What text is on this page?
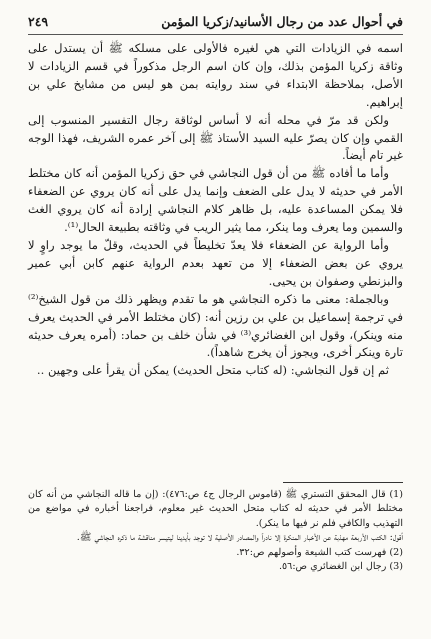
في أحوال عدد من رجال الأسانيد/زكريا المؤمن
٢٤٩

اسمه في الزيادات التي هي لغيره فالأولى على مسلكه ﷺ أن يستدل على وثاقة زكريا المؤمن بذلك، وإن كان اسم الرجل مذكوراً في قسم الزيادات لا الأصل، بملاحظة الابتداء في سند روايته بمن هو ليس من مشايخ علي بن إبراهيم.

ولكن قد مرّ في محله أنه لا أساس لوثاقة رجال التفسير المنسوب إلى القمي وإن كان يصرّ عليه السيد الأستاذ ﷺ إلى آخر عمره الشريف، فهذا الوجه غير تام أيضاً.

وأما ما أفاده ﷺ من أن قول النجاشي في حق زكريا المؤمن أنه كان مختلط الأمر في حديثه لا يدل على الضعف وإنما يدل على أنه كان يروي عن الضعفاء فلا يمكن المساعدة عليه، بل ظاهر كلام النجاشي إرادة أنه كان يروي الغث والسمين وما يعرف وما ينكر، مما يثير الريب في وثاقته بطبيعة الحال⁽¹⁾.

وأما الرواية عن الضعفاء فلا يعدّ تخليطاً في الحديث، وقلّ ما يوجد راوٍ لا يروي عن بعض الضعفاء إلا من تعهد بعدم الرواية عنهم كابن أبي عمير والبزنطي وصفوان بن يحيى.

وبالجملة: معنى ما ذكره النجاشي هو ما تقدم ويظهر ذلك من قول الشيخ⁽²⁾ في ترجمة إسماعيل بن علي بن رزين أنه: (كان مختلط الأمر في الحديث يعرف منه وينكر)، وقول ابن الغضائري⁽³⁾ في شأن خلف بن حماد: (أمره يعرف حديثه تارة وينكر أخرى، ويجوز أن يخرج شاهداً).

ثم إن قول النجاشي: (له كتاب متحل الحديث) يمكن أن يقرأ على وجهين ..

(1) قال المحقق التستري ﷺ (قاموس الرجال ج٤ ص:٤٧٦): (إن ما قاله النجاشي من أنه كان مختلط الأمر في حديثه له كتاب متحل الحديث غير معلوم، فراجعنا أخباره في مواضع من التهذيب والكافي فلم نر فيها ما ينكر).

أقول: الكتب الأربعة مهذبة عن الأخبار المنكرة إلا نادراً والمصادر الأصلية لا توجد بأيدينا ليتيسر مناقشة ما ذكره النجاشي ﷺ.

(2) فهرست كتب الشيعة وأصولهم ص:٣٢.

(3) رجال ابن الغضائري ص:٥٦.
